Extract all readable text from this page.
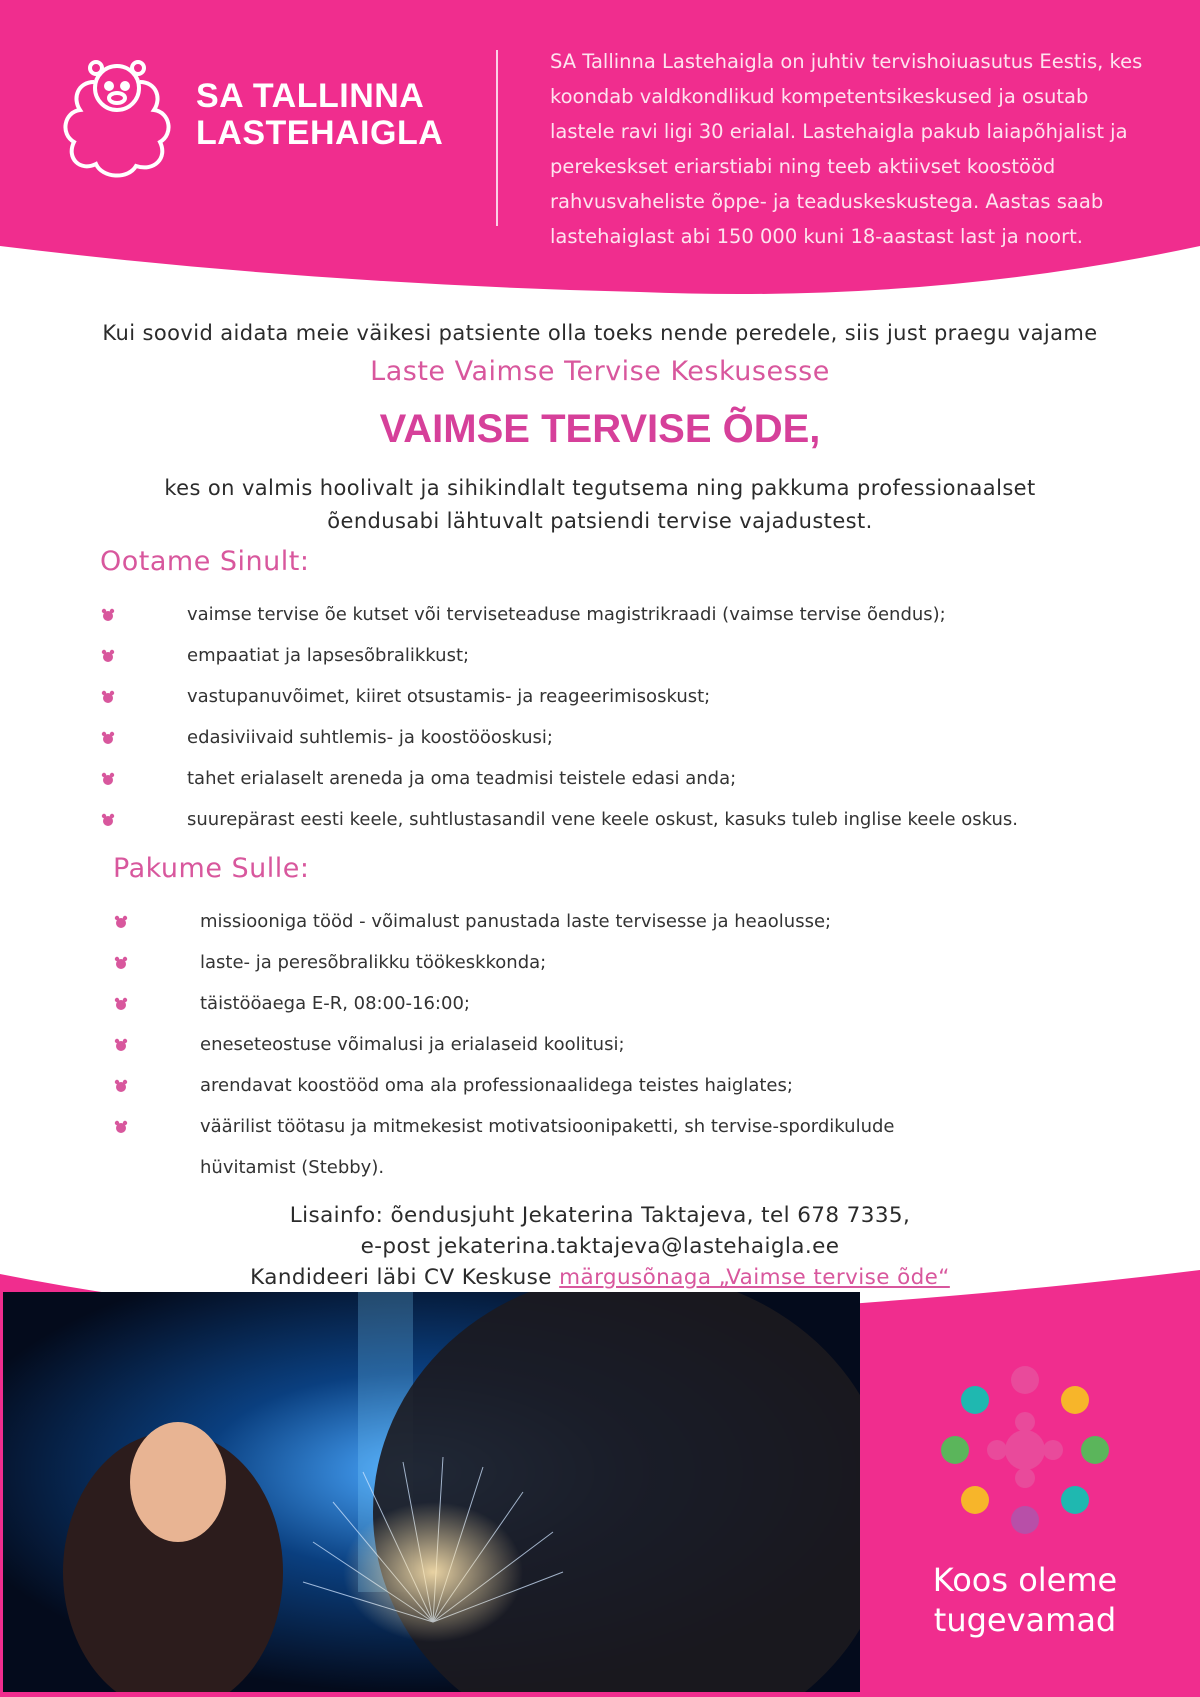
SA TALLINNA
LASTEHAIGLA
SA Tallinna Lastehaigla on juhtiv tervishoiuasutus Eestis, kes koondab valdkondlikud kompetentsikeskused ja osutab lastele ravi ligi 30 erialal. Lastehaigla pakub laiapõhjalist ja perekeskset eriarstiabi ning teeb aktiivset koostööd rahvusvaheliste õppe- ja teaduskeskustega. Aastas saab lastehaiglast abi 150 000 kuni 18-aastast last ja noort.
Kui soovid aidata meie väikesi patsiente olla toeks nende peredele, siis just praegu vajame
Laste Vaimse Tervise Keskusesse
VAIMSE TERVISE ÕDE,
kes on valmis hoolivalt ja sihikindlalt tegutsema ning pakkuma professionaalset
õendusabi lähtuvalt patsiendi tervise vajadustest.
Ootame Sinult:
vaimse tervise õe kutset või terviseteaduse magistrikraadi (vaimse tervise õendus);
empaatiat ja lapsesõbralikkust;
vastupanuvõimet, kiiret otsustamis- ja reageerimisoskust;
edasiviivaid suhtlemis- ja koostööoskusi;
tahet erialaselt areneda ja oma teadmisi teistele edasi anda;
suurepärast eesti keele, suhtlustasandil vene keele oskust, kasuks tuleb inglise keele oskus.
Pakume Sulle:
missiooniga tööd - võimalust panustada laste tervisesse ja heaolusse;
laste- ja peresõbralikku töökeskkonda;
täistööaega E-R, 08:00-16:00;
eneseteostuse võimalusi ja erialaseid koolitusi;
arendavat koostööd oma ala professionaalidega teistes haiglates;
väärilist töötasu ja mitmekesist motivatsioonipaketti, sh tervise-spordikulude
hüvitamist (Stebby).
Lisainfo: õendusjuht Jekaterina Taktajeva, tel 678 7335,
e-post jekaterina.taktajeva@lastehaigla.ee
Kandideeri läbi CV Keskuse märgusõnaga „Vaimse tervise õde“
Koos oleme
tugevamad
